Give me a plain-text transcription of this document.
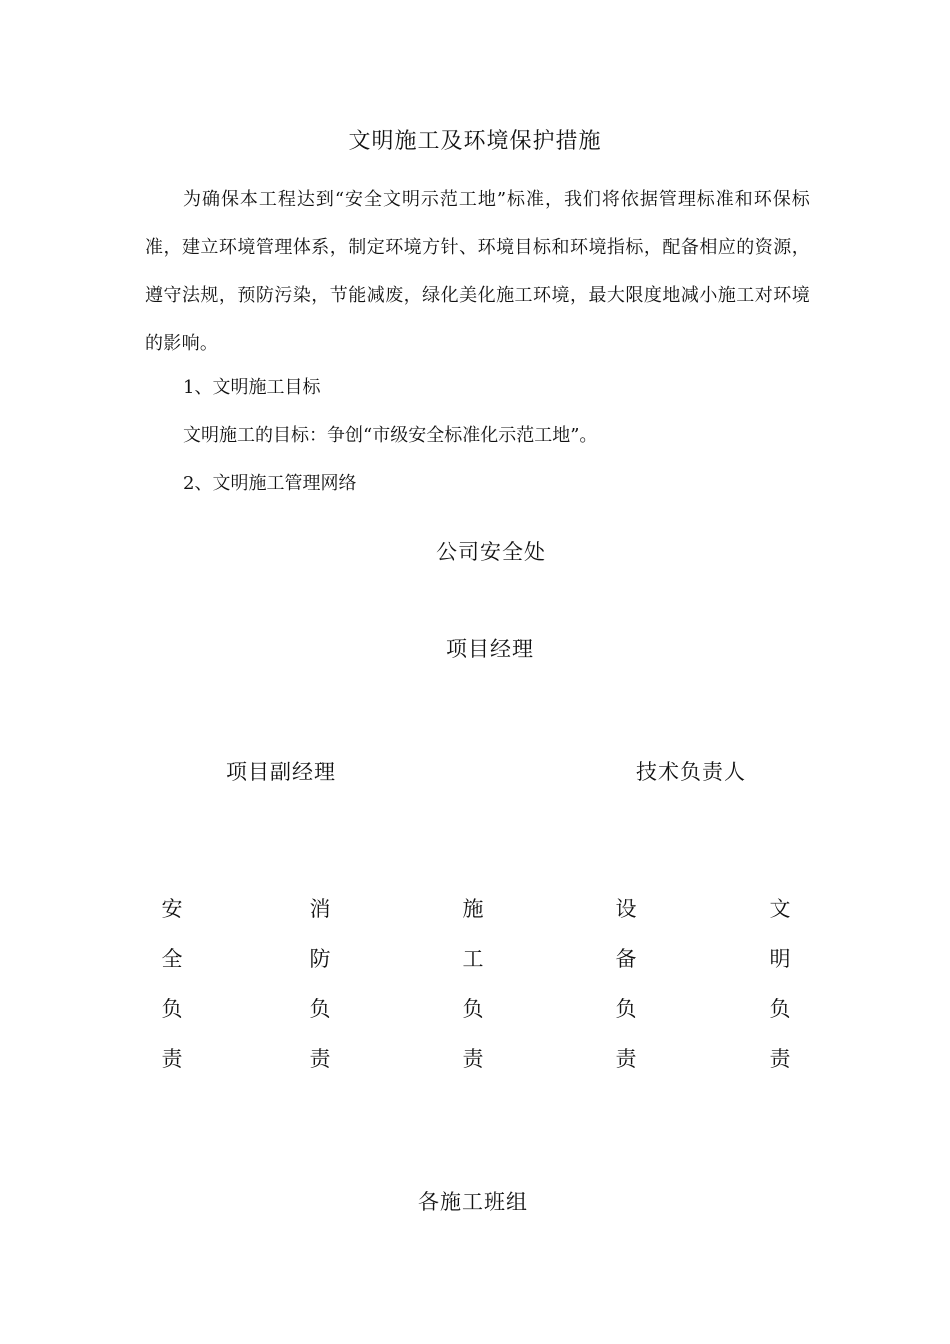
文明施工及环境保护措施
为确保本工程达到“安全文明示范工地”标准，我们将依据管理标准和环保标准，建立环境管理体系，制定环境方针、环境目标和环境指标，配备相应的资源，遵守法规，预防污染，节能减废，绿化美化施工环境，最大限度地减小施工对环境的影响。
1、文明施工目标
文明施工的目标：争创“市级安全标准化示范工地”。
2、文明施工管理网络
公司安全处
项目经理
项目副经理	技术负责人
安
全
负
责
消
防
负
责
施
工
负
责
设
备
负
责
文
明
负
责
各施工班组
